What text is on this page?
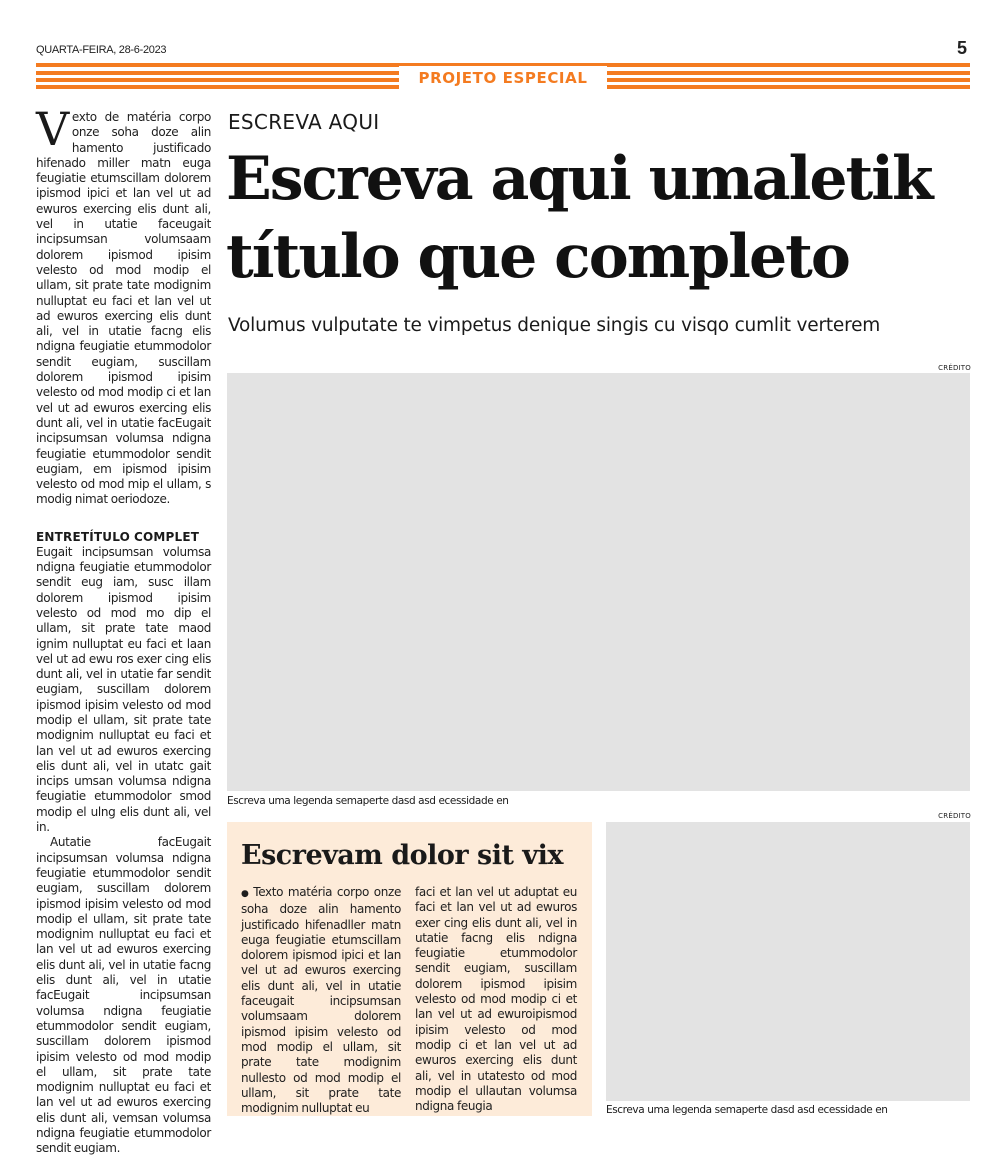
QUARTA-FEIRA, 28-6-2023	5
PROJETO ESPECIAL
V exto de matéria corpo onze soha doze alin hamento justificado hifenado miller matn euga feugiatie etumscillam dolorem ipismod ipici et lan vel ut ad ewuros exercing elis dunt ali, vel in utatie faceugait incipsumsan volumsaam dolorem ipismod ipisim velesto od mod modip el ullam, sit prate tate modignim nulluptat eu faci et lan vel ut ad ewuros exercing elis dunt ali, vel in utatie facng elis ndigna feugiatie etummodolor sendit eugiam, suscillam dolorem ipismod ipisim velesto od mod modip ci et lan vel ut ad ewuros exercing elis dunt ali, vel in utatie facEugait incipsumsan volumsa ndigna feugiatie etummodolor sendit eugiam, em ipismod ipisim velesto od mod mip el ullam, s modig nimat oeriodoze.
ENTRETÍTULO COMPLET
Eugait incipsumsan volumsa ndigna feugiatie etummodolor sendit eug iam, susc illam dolorem ipismod ipisim velesto od mod mo dip el ullam, sit prate tate maod ignim nulluptat eu faci et laan vel ut ad ewu ros exer cing elis dunt ali, vel in utatie far sendit eugiam, suscillam dolorem ipismod ipisim velesto od mod modip el ullam, sit prate tate modignim nulluptat eu faci et lan vel ut ad ewuros exercing elis dunt ali, vel in utatc gait incips umsan volumsa ndigna feugiatie etummodolor smod modip el ulng elis dunt ali, vel in.
Autatie facEugait incipsumsan volumsa ndigna feugiatie etummodolor sendit eugiam, suscillam dolorem ipismod ipisim velesto od mod modip el ullam, sit prate tate modignim nulluptat eu faci et lan vel ut ad ewuros exercing elis dunt ali, vel in utatie facng elis dunt ali, vel in utatie facEugait incipsumsan volumsa ndigna feugiatie etummodolor sendit eugiam, suscillam dolorem ipismod ipisim velesto od mod modip el ullam, sit prate tate modignim nulluptat eu faci et lan vel ut ad ewuros exercing elis dunt ali, vemsan volumsa ndigna feugiatie etummodolor sendit eugiam.
ESCREVA AQUI
Escreva aqui umaletik título que completo
Volumus vulputate te vimpetus denique singis cu visqo cumlit verterem
CRÉDITO
Escreva uma legenda semaperte dasd asd ecessidade en
Escrevam dolor sit vix
● Texto matéria corpo onze soha doze alin hamento justificado hifenadller matn euga feugiatie etumscillam dolorem ipismod ipici et lan vel ut ad ewuros exercing elis dunt ali, vel in utatie faceugait incipsumsan volumsaam dolorem ipismod ipisim velesto od mod modip el ullam, sit prate tate modignim nullesto od mod modip el ullam, sit prate tate modignim nulluptat eu
faci et lan vel ut aduptat eu faci et lan vel ut ad ewuros exer cing elis dunt ali, vel in utatie facng elis ndigna feugiatie etummodolor sendit eugiam, suscillam dolorem ipismod ipisim velesto od mod modip ci et lan vel ut ad ewuroipismod ipisim velesto od mod modip ci et lan vel ut ad ewuros exercing elis dunt ali, vel in utatesto od mod modip el ullautan volumsa ndigna feugia
CRÉDITO
Escreva uma legenda semaperte dasd asd ecessidade en
